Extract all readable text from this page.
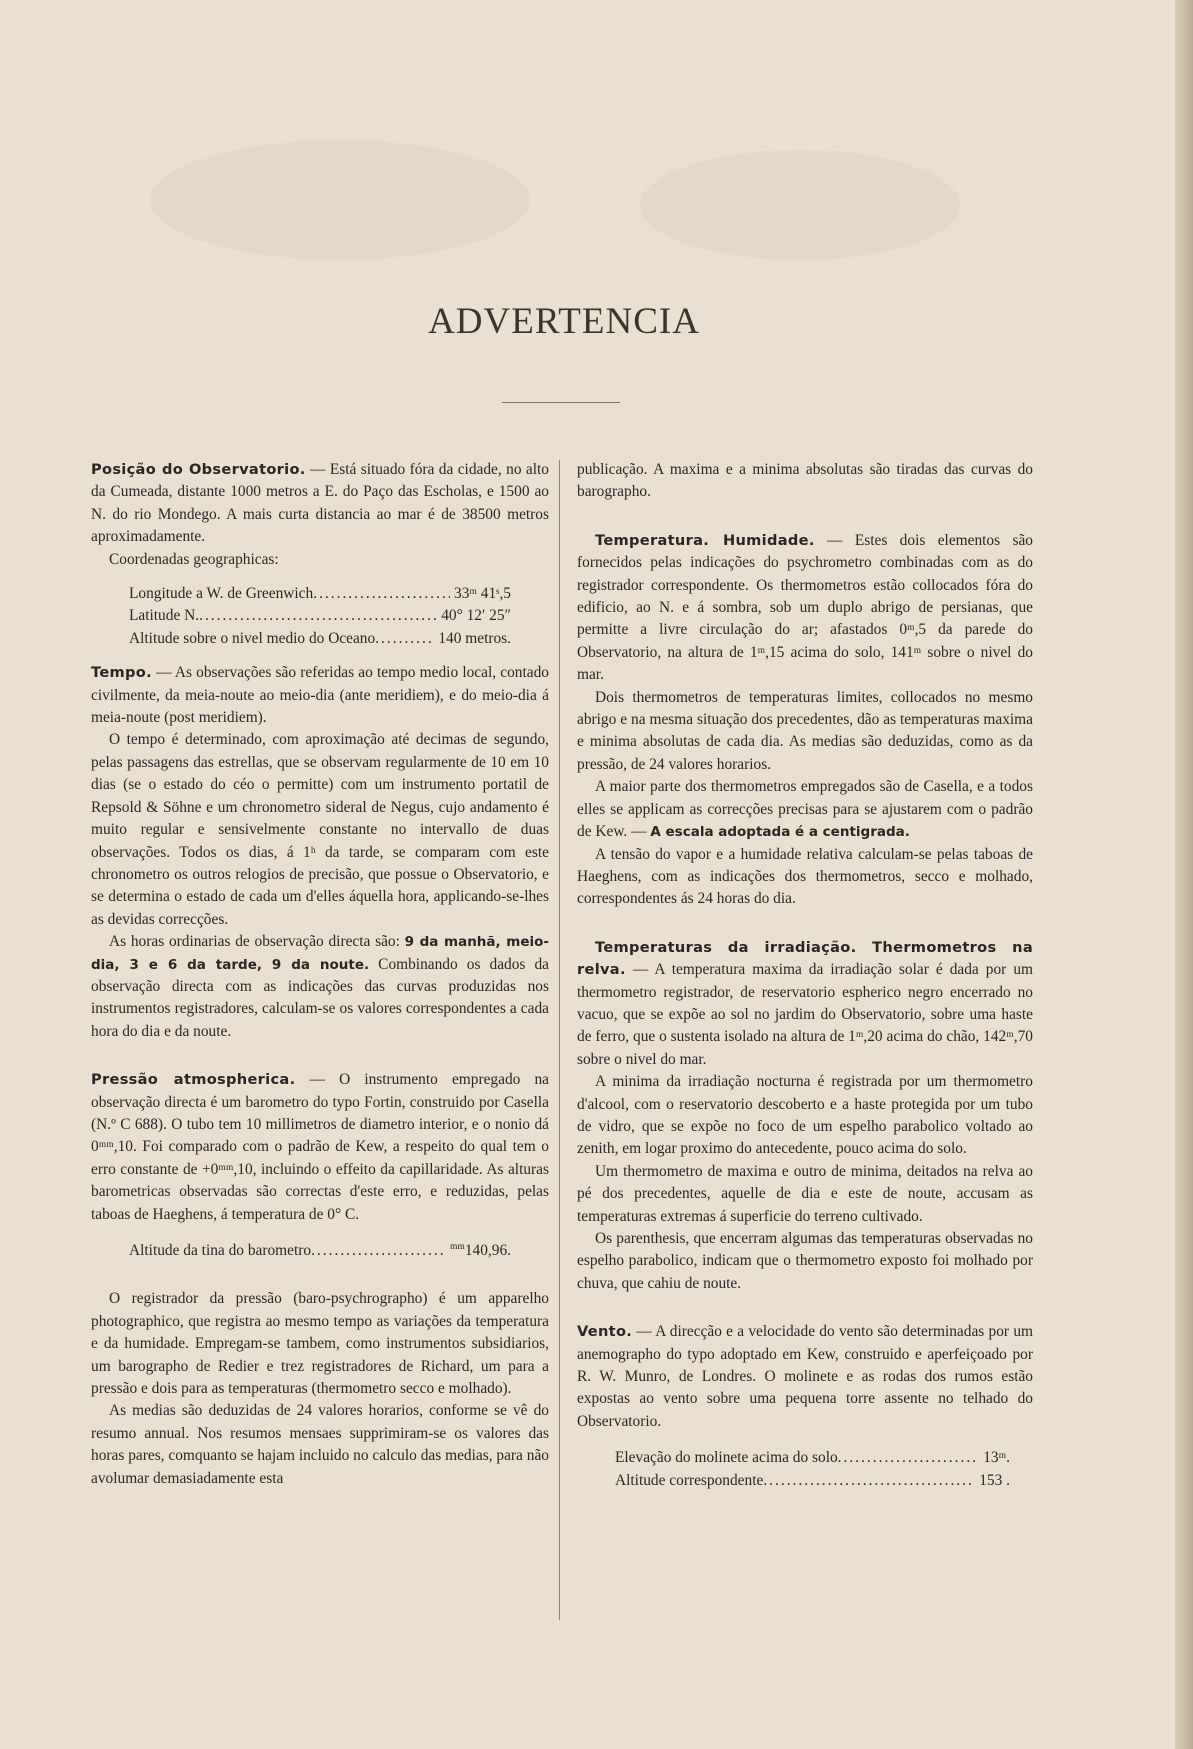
ADVERTENCIA

Posição do Observatorio. — Está situado fóra da cidade, no alto da Cumeada, distante 1000 metros a E. do Paço das Escholas, e 1500 ao N. do rio Mondego. A mais curta distancia ao mar é de 38500 metros aproximadamente.

Coordenadas geographicas:

Longitude a W. de Greenwich .....	33ᵐ 41ˢ,5
Latitude N. .....	40° 12′ 25″
Altitude sobre o nivel medio do Oceano .....	140 metros.

Tempo. — As observações são referidas ao tempo medio local, contado civilmente, da meia-noute ao meio-dia (ante meridiem), e do meio-dia á meia-noute (post meridiem).

O tempo é determinado, com aproximação até decimas de segundo, pelas passagens das estrellas, que se observam regularmente de 10 em 10 dias (se o estado do céo o permitte) com um instrumento portatil de Repsold & Söhne e um chronometro sideral de Negus, cujo andamento é muito regular e sensivelmente constante no intervallo de duas observações. Todos os dias, á 1ʰ da tarde, se comparam com este chronometro os outros relogios de precisão, que possue o Observatorio, e se determina o estado de cada um d'elles áquella hora, applicando-se-lhes as devidas correcções.

As horas ordinarias de observação directa são: 9 da manhã, meio-dia, 3 e 6 da tarde, 9 da noute. Combinando os dados da observação directa com as indicações das curvas produzidas nos instrumentos registradores, calculam-se os valores correspondentes a cada hora do dia e da noute.

Pressão atmospherica. — O instrumento empregado na observação directa é um barometro do typo Fortin, construido por Casella (N.º C 688). O tubo tem 10 millimetros de diametro interior, e o nonio dá 0ᵐᵐ,10. Foi comparado com o padrão de Kew, a respeito do qual tem o erro constante de +0ᵐᵐ,10, incluindo o effeito da capillaridade. As alturas barometricas observadas são correctas d'este erro, e reduzidas, pelas taboas de Haeghens, á temperatura de 0° C.

Altitude da tina do barometro .....	$^{mm}$140,96.

O registrador da pressão (baro-psychrographo) é um apparelho photographico, que registra ao mesmo tempo as variações da temperatura e da humidade. Empregam-se tambem, como instrumentos subsidiarios, um barographo de Redier e trez registradores de Richard, um para a pressão e dois para as temperaturas (thermometro secco e molhado).

As medias são deduzidas de 24 valores horarios, conforme se vê do resumo annual. Nos resumos mensaes supprimiram-se os valores das horas pares, comquanto se hajam incluido no calculo das medias, para não avolumar demasiadamente esta

publicação. A maxima e a minima absolutas são tiradas das curvas do barographo.

Temperatura. Humidade. — Estes dois elementos são fornecidos pelas indicações do psychrometro combinadas com as do registrador correspondente. Os thermometros estão collocados fóra do edificio, ao N. e á sombra, sob um duplo abrigo de persianas, que permitte a livre circulação do ar; afastados 0ᵐ,5 da parede do Observatorio, na altura de 1ᵐ,15 acima do solo, 141ᵐ sobre o nivel do mar.

Dois thermometros de temperaturas limites, collocados no mesmo abrigo e na mesma situação dos precedentes, dão as temperaturas maxima e minima absolutas de cada dia. As medias são deduzidas, como as da pressão, de 24 valores horarios.

A maior parte dos thermometros empregados são de Casella, e a todos elles se applicam as correcções precisas para se ajustarem com o padrão de Kew. — A escala adoptada é a centigrada.

A tensão do vapor e a humidade relativa calculam-se pelas taboas de Haeghens, com as indicações dos thermometros, secco e molhado, correspondentes ás 24 horas do dia.

Temperaturas da irradiação. Thermometros na relva. — A temperatura maxima da irradiação solar é dada por um thermometro registrador, de reservatorio espherico negro encerrado no vacuo, que se expõe ao sol no jardim do Observatorio, sobre uma haste de ferro, que o sustenta isolado na altura de 1ᵐ,20 acima do chão, 142ᵐ,70 sobre o nivel do mar.

A minima da irradiação nocturna é registrada por um thermometro d'alcool, com o reservatorio descoberto e a haste protegida por um tubo de vidro, que se expõe no foco de um espelho parabolico voltado ao zenith, em logar proximo do antecedente, pouco acima do solo.

Um thermometro de maxima e outro de minima, deitados na relva ao pé dos precedentes, aquelle de dia e este de noute, accusam as temperaturas extremas á superficie do terreno cultivado.

Os parenthesis, que encerram algumas das temperaturas observadas no espelho parabolico, indicam que o thermometro exposto foi molhado por chuva, que cahiu de noute.

Vento. — A direcção e a velocidade do vento são determinadas por um anemographo do typo adoptado em Kew, construido e aperfeiçoado por R. W. Munro, de Londres. O molinete e as rodas dos rumos estão expostas ao vento sobre uma pequena torre assente no telhado do Observatorio.

Elevação do molinete acima do solo .....	13ᵐ.
Altitude correspondente .....	153 .
